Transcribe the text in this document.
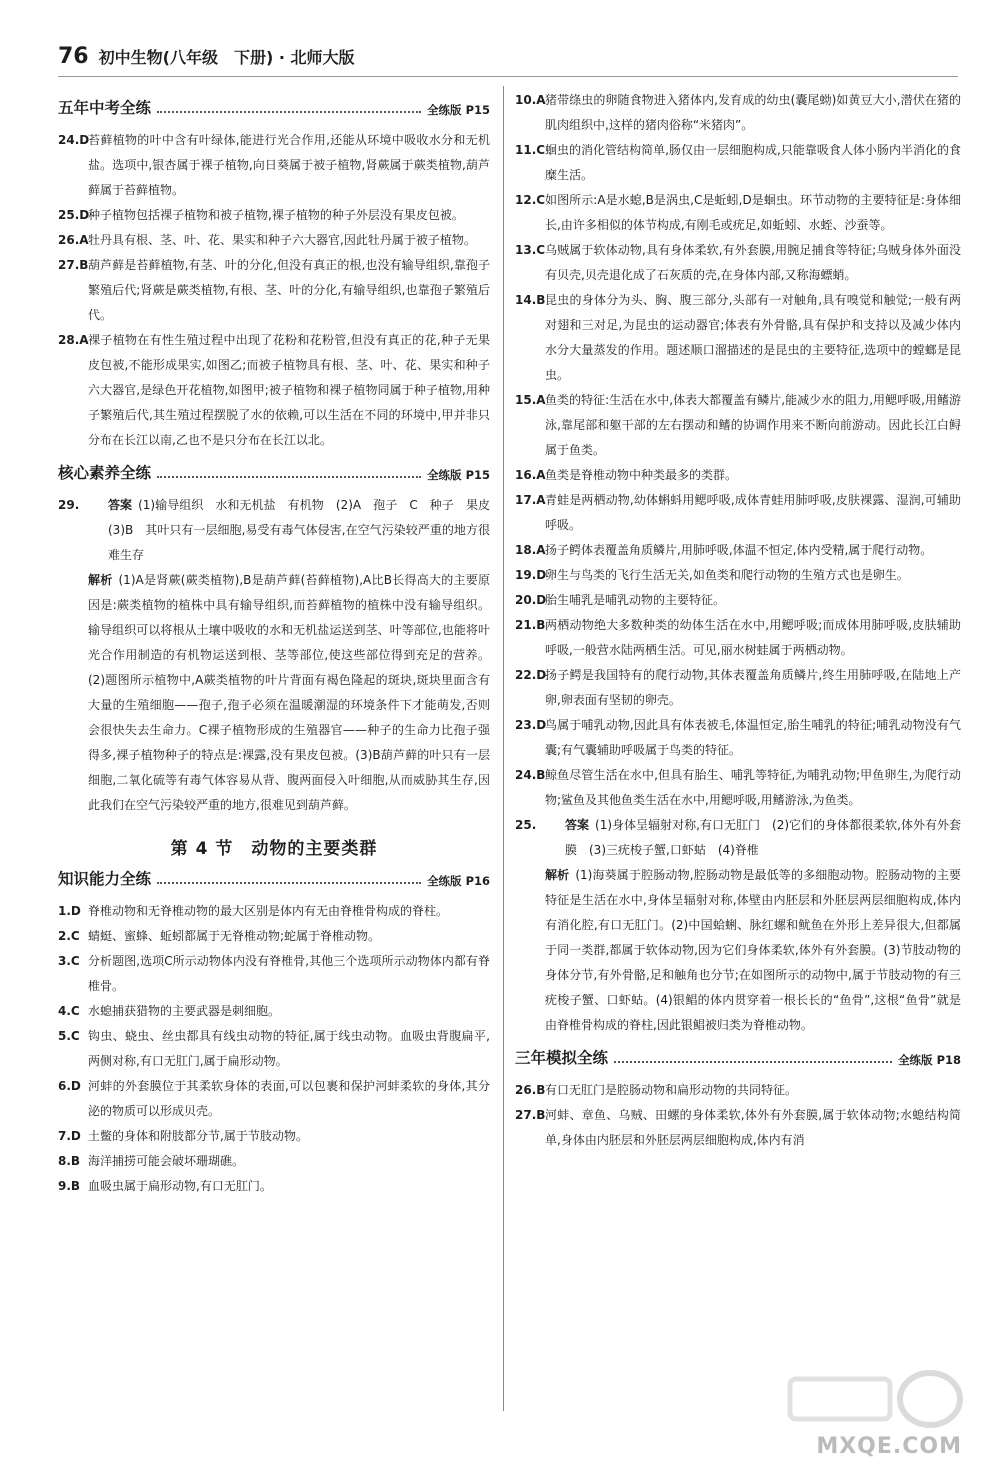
76 初中生物(八年级　下册) · 北师大版
五年中考全练	全练版 P15
24.D
苔藓植物的叶中含有叶绿体,能进行光合作用,还能从环境中吸收水分和无机盐。选项中,银杏属于裸子植物,向日葵属于被子植物,肾蕨属于蕨类植物,葫芦藓属于苔藓植物。
25.D
种子植物包括裸子植物和被子植物,裸子植物的种子外层没有果皮包被。
26.A 牡丹具有根、茎、叶、花、果实和种子六大器官,因此牡丹属于被子植物。
27.B 葫芦藓是苔藓植物,有茎、叶的分化,但没有真正的根,也没有输导组织,靠孢子繁殖后代;肾蕨是蕨类植物,有根、茎、叶的分化,有输导组织,也靠孢子繁殖后代。
28.A 裸子植物在有性生殖过程中出现了花粉和花粉管,但没有真正的花,种子无果皮包被,不能形成果实,如图乙;而被子植物具有根、茎、叶、花、果实和种子六大器官,是绿色开花植物,如图甲;被子植物和裸子植物同属于种子植物,用种子繁殖后代,其生殖过程摆脱了水的依赖,可以生活在不同的环境中,甲并非只分布在长江以南,乙也不是只分布在长江以北。
核心素养全练	全练版 P15
29. 答案 (1)输导组织　水和无机盐　有机物　(2)A　孢子　C　种子　果皮　(3)B　其叶只有一层细胞,易受有毒气体侵害,在空气污染较严重的地方很难生存
解析 (1)A是肾蕨(蕨类植物),B是葫芦藓(苔藓植物),A比B长得高大的主要原因是:蕨类植物的植株中具有输导组织,而苔藓植物的植株中没有输导组织。输导组织可以将根从土壤中吸收的水和无机盐运送到茎、叶等部位,也能将叶光合作用制造的有机物运送到根、茎等部位,使这些部位得到充足的营养。(2)题图所示植物中,A蕨类植物的叶片背面有褐色隆起的斑块,斑块里面含有大量的生殖细胞——孢子,孢子必须在温暖潮湿的环境条件下才能萌发,否则会很快失去生命力。C裸子植物形成的生殖器官——种子的生命力比孢子强得多,裸子植物种子的特点是:裸露,没有果皮包被。(3)B葫芦藓的叶只有一层细胞,二氧化硫等有毒气体容易从背、腹两面侵入叶细胞,从而威胁其生存,因此我们在空气污染较严重的地方,很难见到葫芦藓。
第 4 节　动物的主要类群
知识能力全练	全练版 P16
1.D 脊椎动物和无脊椎动物的最大区别是体内有无由脊椎骨构成的脊柱。
2.C 蜻蜓、蜜蜂、蚯蚓都属于无脊椎动物;蛇属于脊椎动物。
3.C 分析题图,选项C所示动物体内没有脊椎骨,其他三个选项所示动物体内都有脊椎骨。
4.C 水螅捕获猎物的主要武器是刺细胞。
5.C 钩虫、蛲虫、丝虫都具有线虫动物的特征,属于线虫动物。血吸虫背腹扁平,两侧对称,有口无肛门,属于扁形动物。
6.D 河蚌的外套膜位于其柔软身体的表面,可以包裹和保护河蚌柔软的身体,其分泌的物质可以形成贝壳。
7.D 土鳖的身体和附肢都分节,属于节肢动物。
8.B 海洋捕捞可能会破坏珊瑚礁。
9.B 血吸虫属于扁形动物,有口无肛门。
10.A 猪带绦虫的卵随食物进入猪体内,发育成的幼虫(囊尾蚴)如黄豆大小,潜伏在猪的肌肉组织中,这样的猪肉俗称“米猪肉”。
11.C 蛔虫的消化管结构简单,肠仅由一层细胞构成,只能靠吸食人体小肠内半消化的食糜生活。
12.C 如图所示:A是水螅,B是涡虫,C是蚯蚓,D是蛔虫。环节动物的主要特征是:身体细长,由许多相似的体节构成,有刚毛或疣足,如蚯蚓、水蛭、沙蚕等。
13.C 乌贼属于软体动物,具有身体柔软,有外套膜,用腕足捕食等特征;乌贼身体外面没有贝壳,贝壳退化成了石灰质的壳,在身体内部,又称海螵蛸。
14.B 昆虫的身体分为头、胸、腹三部分,头部有一对触角,具有嗅觉和触觉;一般有两对翅和三对足,为昆虫的运动器官;体表有外骨骼,具有保护和支持以及减少体内水分大量蒸发的作用。题述顺口溜描述的是昆虫的主要特征,选项中的螳螂是昆虫。
15.A 鱼类的特征:生活在水中,体表大都覆盖有鳞片,能减少水的阻力,用鳃呼吸,用鳍游泳,靠尾部和躯干部的左右摆动和鳍的协调作用来不断向前游动。因此长江白鲟属于鱼类。
16.A 鱼类是脊椎动物中种类最多的类群。
17.A 青蛙是两栖动物,幼体蝌蚪用鳃呼吸,成体青蛙用肺呼吸,皮肤裸露、湿润,可辅助呼吸。
18.A 扬子鳄体表覆盖角质鳞片,用肺呼吸,体温不恒定,体内受精,属于爬行动物。
19.D
卵生与鸟类的飞行生活无关,如鱼类和爬行动物的生殖方式也是卵生。
20.D
胎生哺乳是哺乳动物的主要特征。
21.B 两栖动物绝大多数种类的幼体生活在水中,用鳃呼吸;而成体用肺呼吸,皮肤辅助呼吸,一般营水陆两栖生活。可见,丽水树蛙属于两栖动物。
22.D
扬子鳄是我国特有的爬行动物,其体表覆盖角质鳞片,终生用肺呼吸,在陆地上产卵,卵表面有坚韧的卵壳。
23.D
鸟属于哺乳动物,因此具有体表被毛,体温恒定,胎生哺乳的特征;哺乳动物没有气囊;有气囊辅助呼吸属于鸟类的特征。
24.B 鲸鱼尽管生活在水中,但具有胎生、哺乳等特征,为哺乳动物;甲鱼卵生,为爬行动物;鲨鱼及其他鱼类生活在水中,用鳃呼吸,用鳍游泳,为鱼类。
25. 答案 (1)身体呈辐射对称,有口无肛门　(2)它们的身体都很柔软,体外有外套膜　(3)三疣梭子蟹,口虾蛄　(4)脊椎
解析 (1)海葵属于腔肠动物,腔肠动物是最低等的多细胞动物。腔肠动物的主要特征是生活在水中,身体呈辐射对称,体壁由内胚层和外胚层两层细胞构成,体内有消化腔,有口无肛门。(2)中国蛤蜊、脉红螺和鱿鱼在外形上差异很大,但都属于同一类群,都属于软体动物,因为它们身体柔软,体外有外套膜。(3)节肢动物的身体分节,有外骨骼,足和触角也分节;在如图所示的动物中,属于节肢动物的有三疣梭子蟹、口虾蛄。(4)银鲳的体内贯穿着一根长长的“鱼骨”,这根“鱼骨”就是由脊椎骨构成的脊柱,因此银鲳被归类为脊椎动物。
三年模拟全练	全练版 P18
26.B 有口无肛门是腔肠动物和扁形动物的共同特征。
27.B 河蚌、章鱼、乌贼、田螺的身体柔软,体外有外套膜,属于软体动物;水螅结构简单,身体由内胚层和外胚层两层细胞构成,体内有消
MXQE.COM
